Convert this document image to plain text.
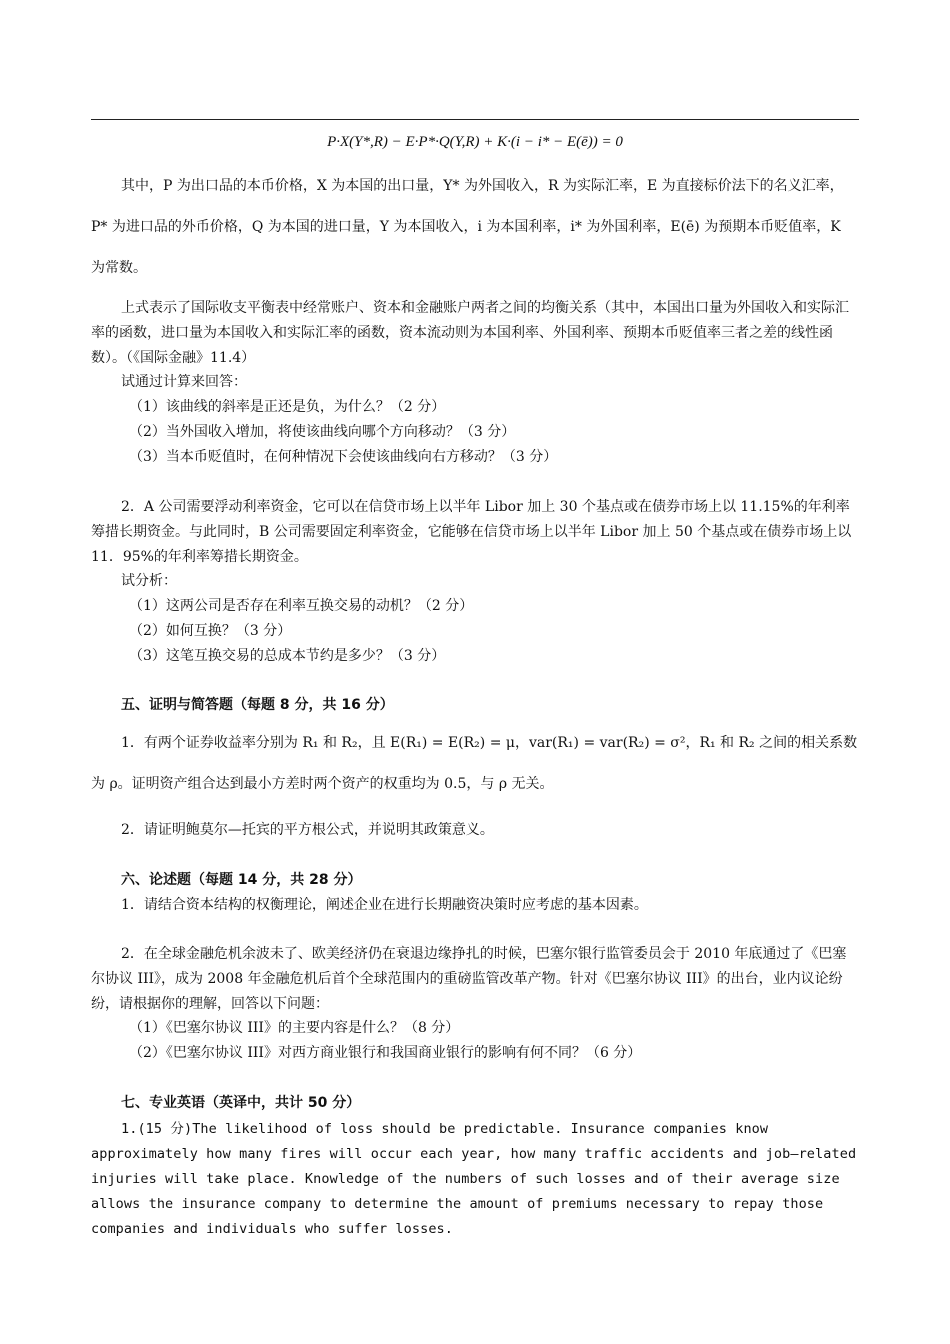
P·X(Y*,R) − E·P*·Q(Y,R) + K·(i − i* − E(ē)) = 0
其中，P 为出口品的本币价格，X 为本国的出口量，Y* 为外国收入，R 为实际汇率，E 为直接标价法下的名义汇率，P* 为进口品的外币价格，Q 为本国的进口量，Y 为本国收入，i 为本国利率，i* 为外国利率，E(ē) 为预期本币贬值率，K 为常数。
上式表示了国际收支平衡表中经常账户、资本和金融账户两者之间的均衡关系（其中，本国出口量为外国收入和实际汇率的函数，进口量为本国收入和实际汇率的函数，资本流动则为本国利率、外国利率、预期本币贬值率三者之差的线性函数）。（《国际金融》11.4）
试通过计算来回答：
（1）该曲线的斜率是正还是负，为什么？（2 分）
（2）当外国收入增加，将使该曲线向哪个方向移动？（3 分）
（3）当本币贬值时，在何种情况下会使该曲线向右方移动？（3 分）
2．A 公司需要浮动利率资金，它可以在信贷市场上以半年 Libor 加上 30 个基点或在债券市场上以 11.15%的年利率筹措长期资金。与此同时，B 公司需要固定利率资金，它能够在信贷市场上以半年 Libor 加上 50 个基点或在债券市场上以 11．95%的年利率筹措长期资金。
试分析：
（1）这两公司是否存在利率互换交易的动机？（2 分）
（2）如何互换？（3 分）
（3）这笔互换交易的总成本节约是多少？（3 分）
五、证明与简答题（每题 8 分，共 16 分）
1．有两个证券收益率分别为 R₁ 和 R₂，且 E(R₁) = E(R₂) = μ，var(R₁) = var(R₂) = σ²，R₁ 和 R₂ 之间的相关系数为 ρ。证明资产组合达到最小方差时两个资产的权重均为 0.5，与 ρ 无关。
2．请证明鲍莫尔—托宾的平方根公式，并说明其政策意义。
六、论述题（每题 14 分，共 28 分）
1．请结合资本结构的权衡理论，阐述企业在进行长期融资决策时应考虑的基本因素。
2．在全球金融危机余波未了、欧美经济仍在衰退边缘挣扎的时候，巴塞尔银行监管委员会于 2010 年底通过了《巴塞尔协议 III》，成为 2008 年金融危机后首个全球范围内的重磅监管改革产物。针对《巴塞尔协议 III》的出台，业内议论纷纷，请根据你的理解，回答以下问题：
（1）《巴塞尔协议 III》的主要内容是什么？（8 分）
（2）《巴塞尔协议 III》对西方商业银行和我国商业银行的影响有何不同？（6 分）
七、专业英语（英译中，共计 50 分）
1.(15 分)The likelihood of loss should be predictable. Insurance companies know approximately how many fires will occur each year, how many traffic accidents and job—related injuries will take place. Knowledge of the numbers of such losses and of their average size allows the insurance company to determine the amount of premiums necessary to repay those companies and individuals who suffer losses.
